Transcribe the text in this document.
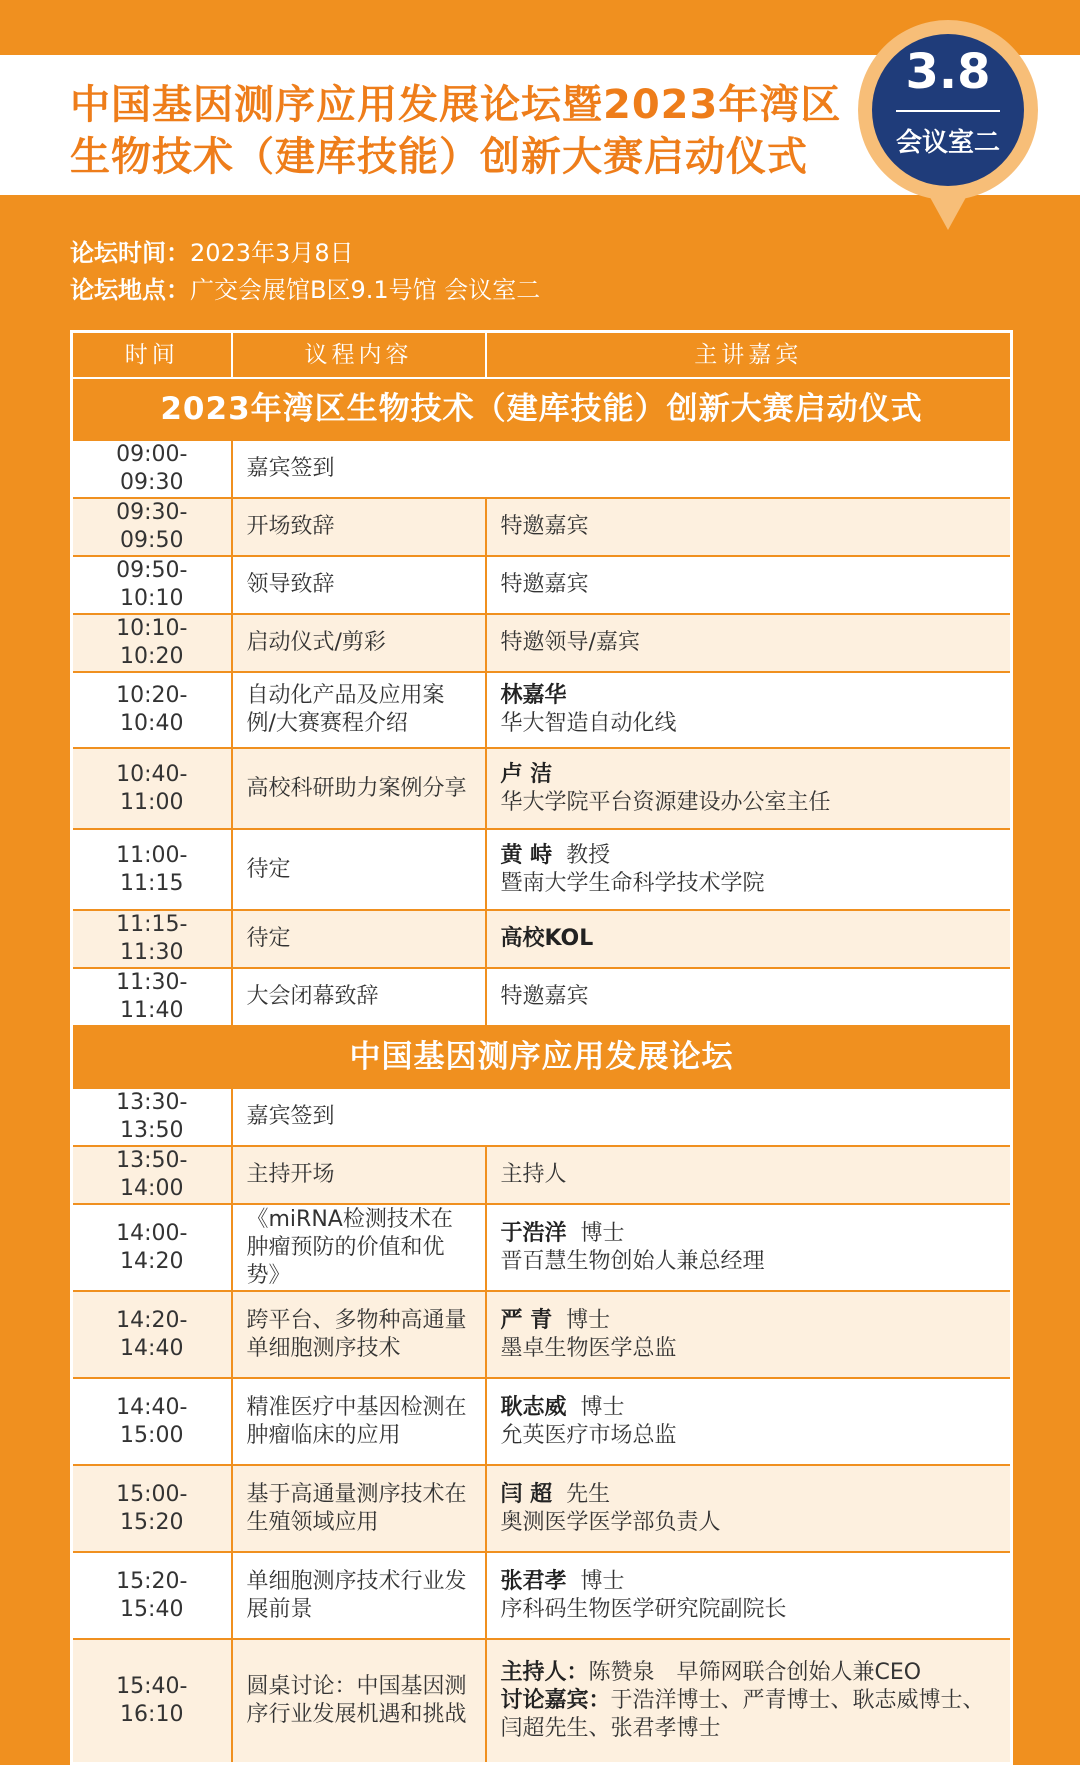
中国基因测序应用发展论坛暨2023年湾区
生物技术（建库技能）创新大赛启动仪式
3.8
会议室二
论坛时间：2023年3月8日
论坛地点：广交会展馆B区9.1号馆 会议室二
时间	议程内容	主讲嘉宾
2023年湾区生物技术（建库技能）创新大赛启动仪式		
09:00-09:30	嘉宾签到	
09:30-09:50	开场致辞	特邀嘉宾
09:50-10:10	领导致辞	特邀嘉宾
10:10-10:20	启动仪式/剪彩	特邀领导/嘉宾
10:20-10:40	自动化产品及应用案例/大赛赛程介绍	林嘉华
华大智造自动化线

10:40-11:00	高校科研助力案例分享	卢 洁
华大学院平台资源建设办公室主任

11:00-11:15	待定	黄 峙 教授
暨南大学生命科学技术学院

11:15-11:30	待定	高校KOL
11:30-11:40	大会闭幕致辞	特邀嘉宾
中国基因测序应用发展论坛		
13:30-13:50	嘉宾签到	
13:50-14:00	主持开场	主持人
14:00-14:20	《miRNA检测技术在肿瘤预防的价值和优势》	于浩洋 博士
晋百慧生物创始人兼总经理

14:20-14:40	跨平台、多物种高通量单细胞测序技术	严 青 博士
墨卓生物医学总监

14:40-15:00	精准医疗中基因检测在肿瘤临床的应用	耿志威 博士
允英医疗市场总监

15:00-15:20	基于高通量测序技术在生殖领域应用	闫 超 先生
奥测医学医学部负责人

15:20-15:40	单细胞测序技术行业发展前景	张君孝 博士
序科码生物医学研究院副院长

15:40-16:10	圆桌讨论：中国基因测序行业发展机遇和挑战	主持人：陈赞泉　早筛网联合创始人兼CEO
讨论嘉宾：于浩洋博士、严青博士、耿志威博士、闫超先生、张君孝博士
